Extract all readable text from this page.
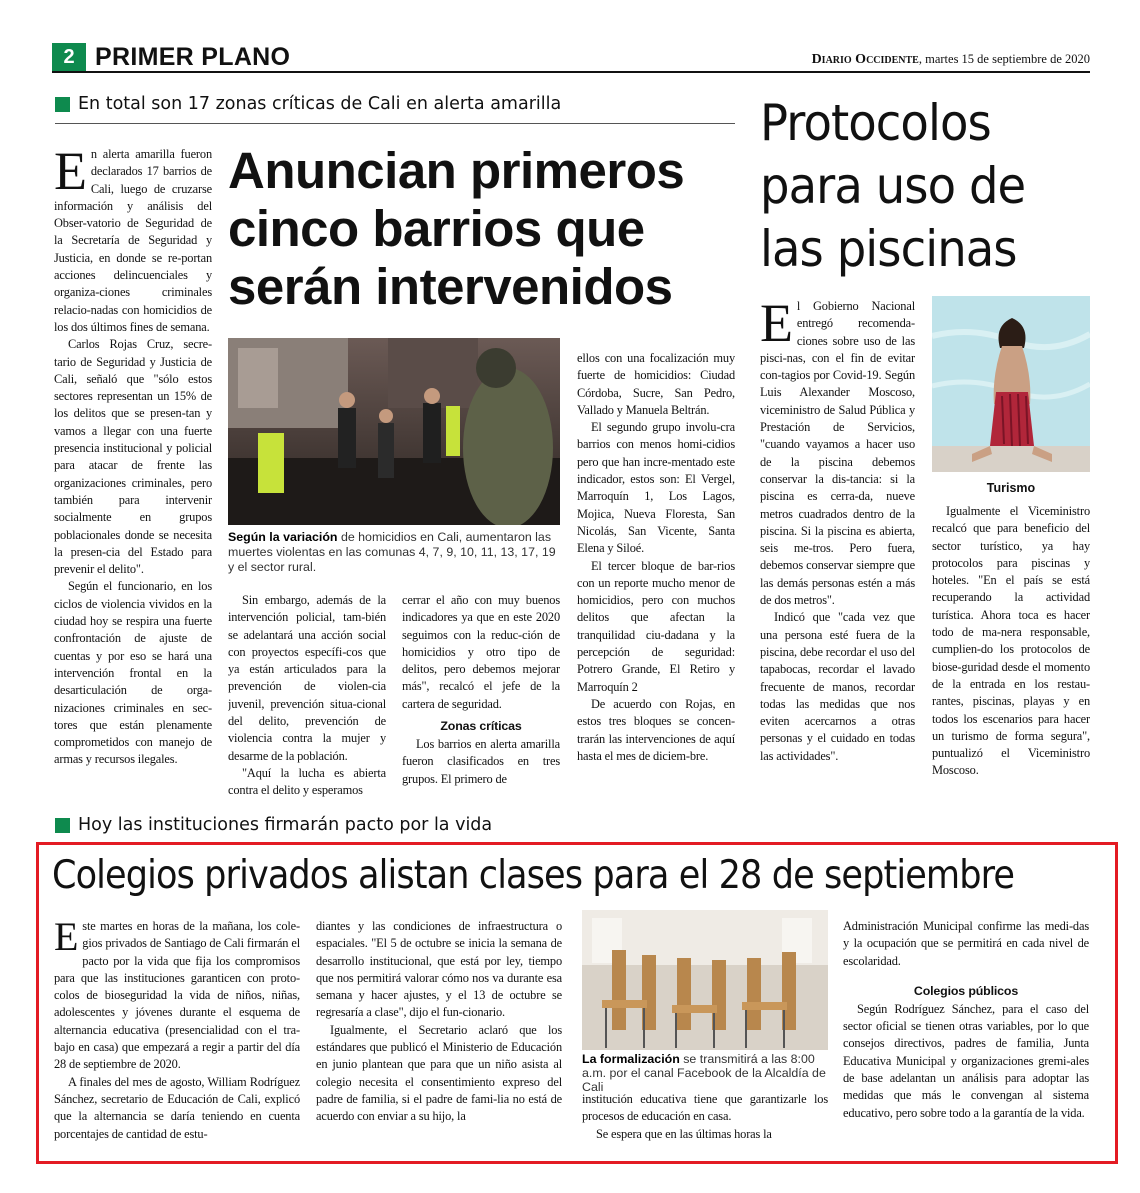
2 PRIMER PLANO	Diario Occidente, martes 15 de septiembre de 2020
En total son 17 zonas críticas de Cali en alerta amarilla
Anuncian primeros cinco barrios que serán intervenidos

En alerta amarilla fueron declarados 17 barrios de Cali, luego de cruzarse información y análisis del Obser-vatorio de Seguridad de la Secretaría de Seguridad y Justicia, en donde se re-portan acciones delincuenciales y organiza-ciones criminales relacio-nadas con homicidios de los dos últimos fines de semana.

Carlos Rojas Cruz, secre-tario de Seguridad y Justicia de Cali, señaló que "sólo estos sectores representan un 15% de los delitos que se presen-tan y vamos a llegar con una fuerte presencia institucional y policial para atacar de frente las organizaciones criminales, pero también para intervenir socialmente en grupos poblacionales donde se necesita la presen-cia del Estado para prevenir el delito".

Según el funcionario, en los ciclos de violencia vividos en la ciudad hoy se respira una fuerte confrontación de ajuste de cuentas y por eso se hará una intervención frontal en la desarticulación de orga-nizaciones criminales en sec-tores que están plenamente comprometidos con manejo de armas y recursos ilegales.

Según la variación de homicidios en Cali, aumentaron las muertes violentas en las comunas 4, 7, 9, 10, 11, 13, 17, 19 y el sector rural.

Sin embargo, además de la intervención policial, tam-bién se adelantará una acción social con proyectos específi-cos que ya están articulados para la prevención de violen-cia juvenil, prevención situa-cional del delito, prevención de violencia contra la mujer y desarme de la población.

"Aquí la lucha es abierta contra el delito y esperamos

cerrar el año con muy buenos indicadores ya que en este 2020 seguimos con la reduc-ción de homicidios y otro tipo de delitos, pero debemos mejorar más", recalcó el jefe de la cartera de seguridad.

Zonas críticas

Los barrios en alerta amarilla fueron clasificados en tres grupos. El primero de

ellos con una focalización muy fuerte de homicidios: Ciudad Córdoba, Sucre, San Pedro, Vallado y Manuela Beltrán.

El segundo grupo involu-cra barrios con menos homi-cidios pero que han incre-mentado este indicador, estos son: El Vergel, Marroquín 1, Los Lagos, Mojica, Nueva Floresta, San Nicolás, San Vicente, Santa Elena y Siloé.

El tercer bloque de bar-rios con un reporte mucho menor de homicidios, pero con muchos delitos que afectan la tranquilidad ciu-dadana y la percepción de seguridad: Potrero Grande, El Retiro y Marroquín 2

De acuerdo con Rojas, en estos tres bloques se concen-trarán las intervenciones de aquí hasta el mes de diciem-bre.

Protocolos para uso de las piscinas

El Gobierno Nacional entregó recomenda-ciones sobre uso de las pisci-nas, con el fin de evitar con-tagios por Covid-19. Según Luis Alexander Moscoso, viceministro de Salud Pública y Prestación de Servicios, "cuando vayamos a hacer uso de la piscina debemos conservar la dis-tancia: si la piscina es cerra-da, nueve metros cuadrados dentro de la piscina. Si la piscina es abierta, seis me-tros. Pero fuera, debemos conservar siempre que las demás personas estén a más de dos metros".

Indicó que "cada vez que una persona esté fuera de la piscina, debe recordar el uso del tapabocas, recordar el lavado frecuente de manos, recordar todas las medidas que nos eviten acercarnos a otras personas y el cuidado en todas las actividades".

Turismo

Igualmente el Viceministro recalcó que para beneficio del sector turístico, ya hay protocolos para piscinas y hoteles. "En el país se está recuperando la actividad turística. Ahora toca es hacer todo de ma-nera responsable, cumplien-do los protocolos de biose-guridad desde el momento de la entrada en los restau-rantes, piscinas, playas y en todos los escenarios para hacer un turismo de forma segura", puntualizó el Viceministro Moscoso.

Hoy las instituciones firmarán pacto por la vida
Colegios privados alistan clases para el 28 de septiembre

Este martes en horas de la mañana, los cole-gios privados de Santiago de Cali firmarán el pacto por la vida que fija los compromisos para que las instituciones garanticen con proto-colos de bioseguridad la vida de niños, niñas, adolescentes y jóvenes durante el esquema de alternancia educativa (presencialidad con el tra-bajo en casa) que empezará a regir a partir del día 28 de septiembre de 2020.

A finales del mes de agosto, William Rodríguez Sánchez, secretario de Educación de Cali, explicó que la alternancia se daría teniendo en cuenta porcentajes de cantidad de estu-

diantes y las condiciones de infraestructura o espaciales. "El 5 de octubre se inicia la semana de desarrollo institucional, que está por ley, tiempo que nos permitirá valorar cómo nos va durante esa semana y hacer ajustes, y el 13 de octubre se regresaría a clase", dijo el fun-cionario.

Igualmente, el Secretario aclaró que los estándares que publicó el Ministerio de Educación en junio plantean que para que un niño asista al colegio necesita el consentimiento expreso del padre de familia, si el padre de fami-lia no está de acuerdo con enviar a su hijo, la

La formalización se transmitirá a las 8:00 a.m. por el canal Facebook de la Alcaldía de Cali

institución educativa tiene que garantizarle los procesos de educación en casa.

Se espera que en las últimas horas la

Administración Municipal confirme las medi-das y la ocupación que se permitirá en cada nivel de escolaridad.

Colegios públicos

Según Rodríguez Sánchez, para el caso del sector oficial se tienen otras variables, por lo que consejos directivos, padres de familia, Junta Educativa Municipal y organizaciones gremi-ales de base adelantan un análisis para adoptar las medidas que más le convengan al sistema educativo, pero sobre todo a la garantía de la vida.
